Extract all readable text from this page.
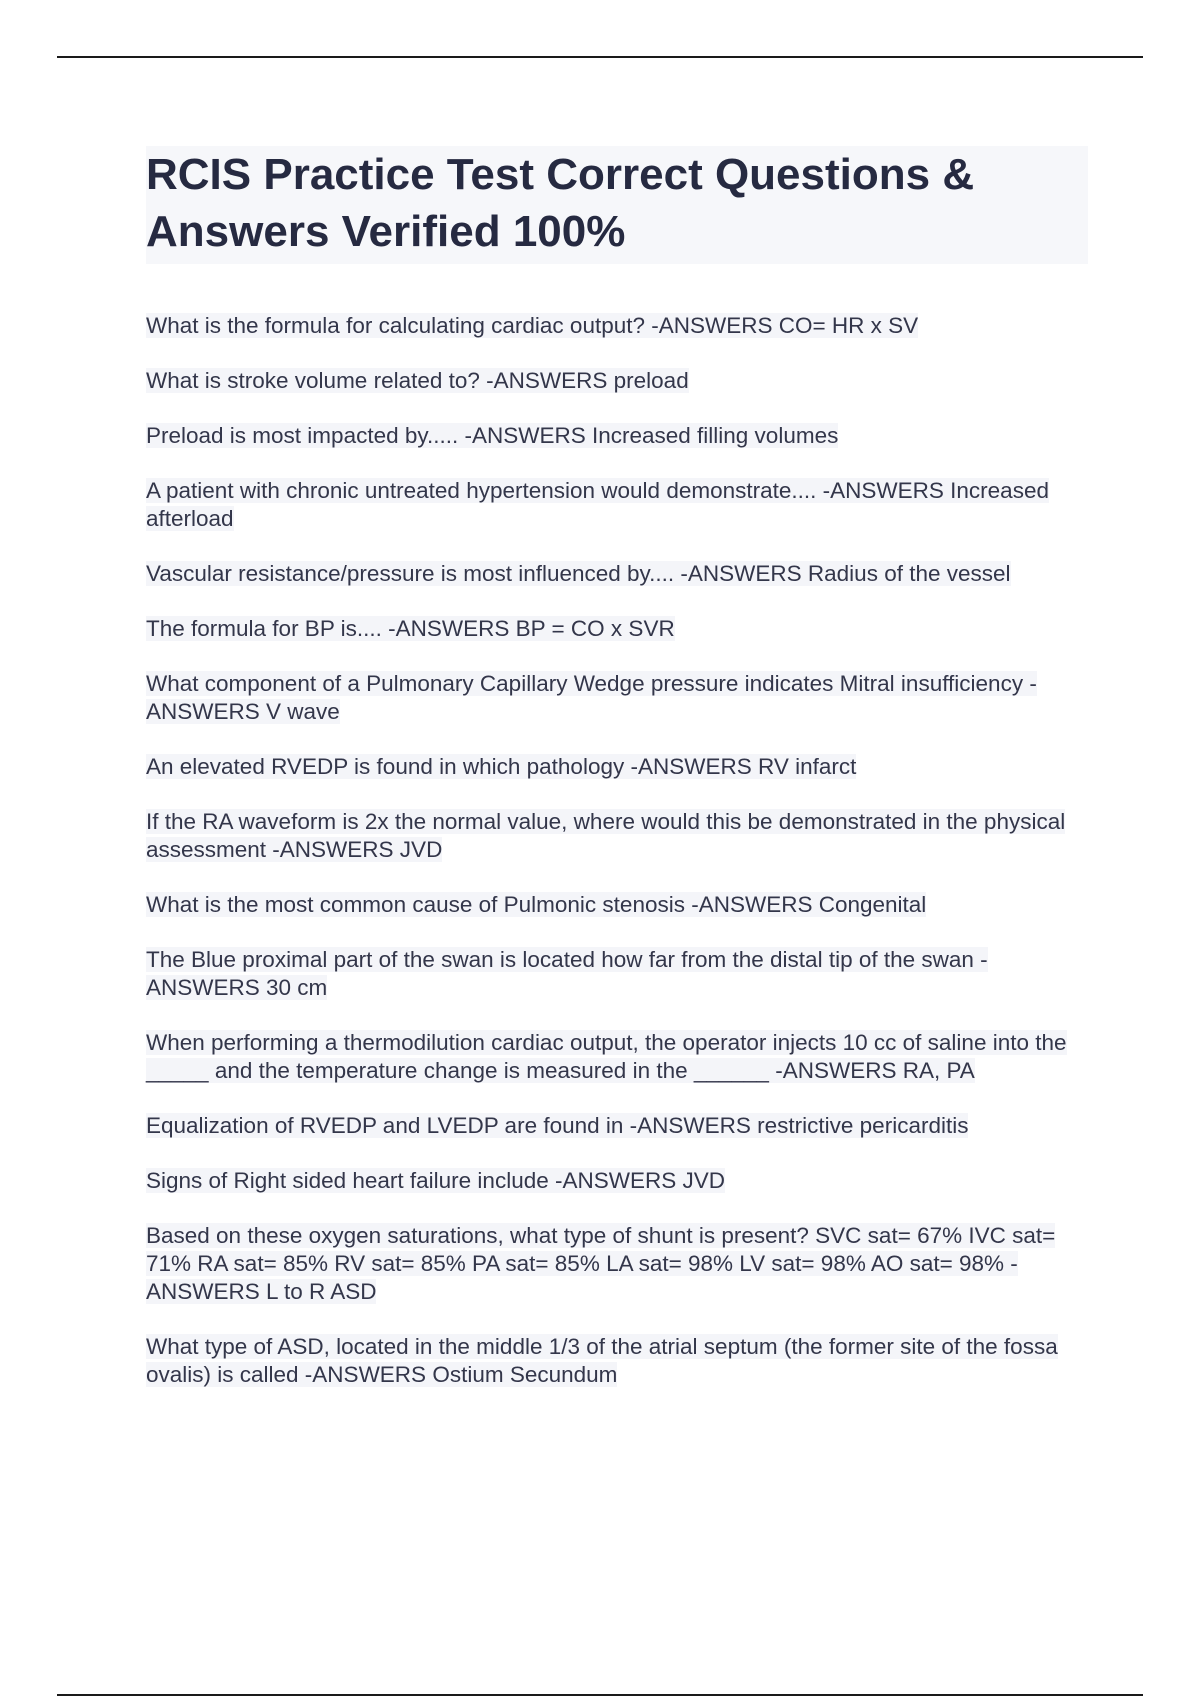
RCIS Practice Test Correct Questions & Answers Verified 100%
What is the formula for calculating cardiac output? -ANSWERS CO= HR x SV
What is stroke volume related to? -ANSWERS preload
Preload is most impacted by..... -ANSWERS Increased filling volumes
A patient with chronic untreated hypertension would demonstrate.... -ANSWERS Increased afterload
Vascular resistance/pressure is most influenced by.... -ANSWERS Radius of the vessel
The formula for BP is.... -ANSWERS BP = CO x SVR
What component of a Pulmonary Capillary Wedge pressure indicates Mitral insufficiency -ANSWERS V wave
An elevated RVEDP is found in which pathology -ANSWERS RV infarct
If the RA waveform is 2x the normal value, where would this be demonstrated in the physical assessment -ANSWERS JVD
What is the most common cause of Pulmonic stenosis -ANSWERS Congenital
The Blue proximal part of the swan is located how far from the distal tip of the swan -ANSWERS 30 cm
When performing a thermodilution cardiac output, the operator injects 10 cc of saline into the _____ and the temperature change is measured in the ______ -ANSWERS RA, PA
Equalization of RVEDP and LVEDP are found in -ANSWERS restrictive pericarditis
Signs of Right sided heart failure include -ANSWERS JVD
Based on these oxygen saturations, what type of shunt is present? SVC sat= 67% IVC sat= 71% RA sat= 85% RV sat= 85% PA sat= 85% LA sat= 98% LV sat= 98% AO sat= 98% -ANSWERS L to R ASD
What type of ASD, located in the middle 1/3 of the atrial septum (the former site of the fossa ovalis) is called -ANSWERS Ostium Secundum
